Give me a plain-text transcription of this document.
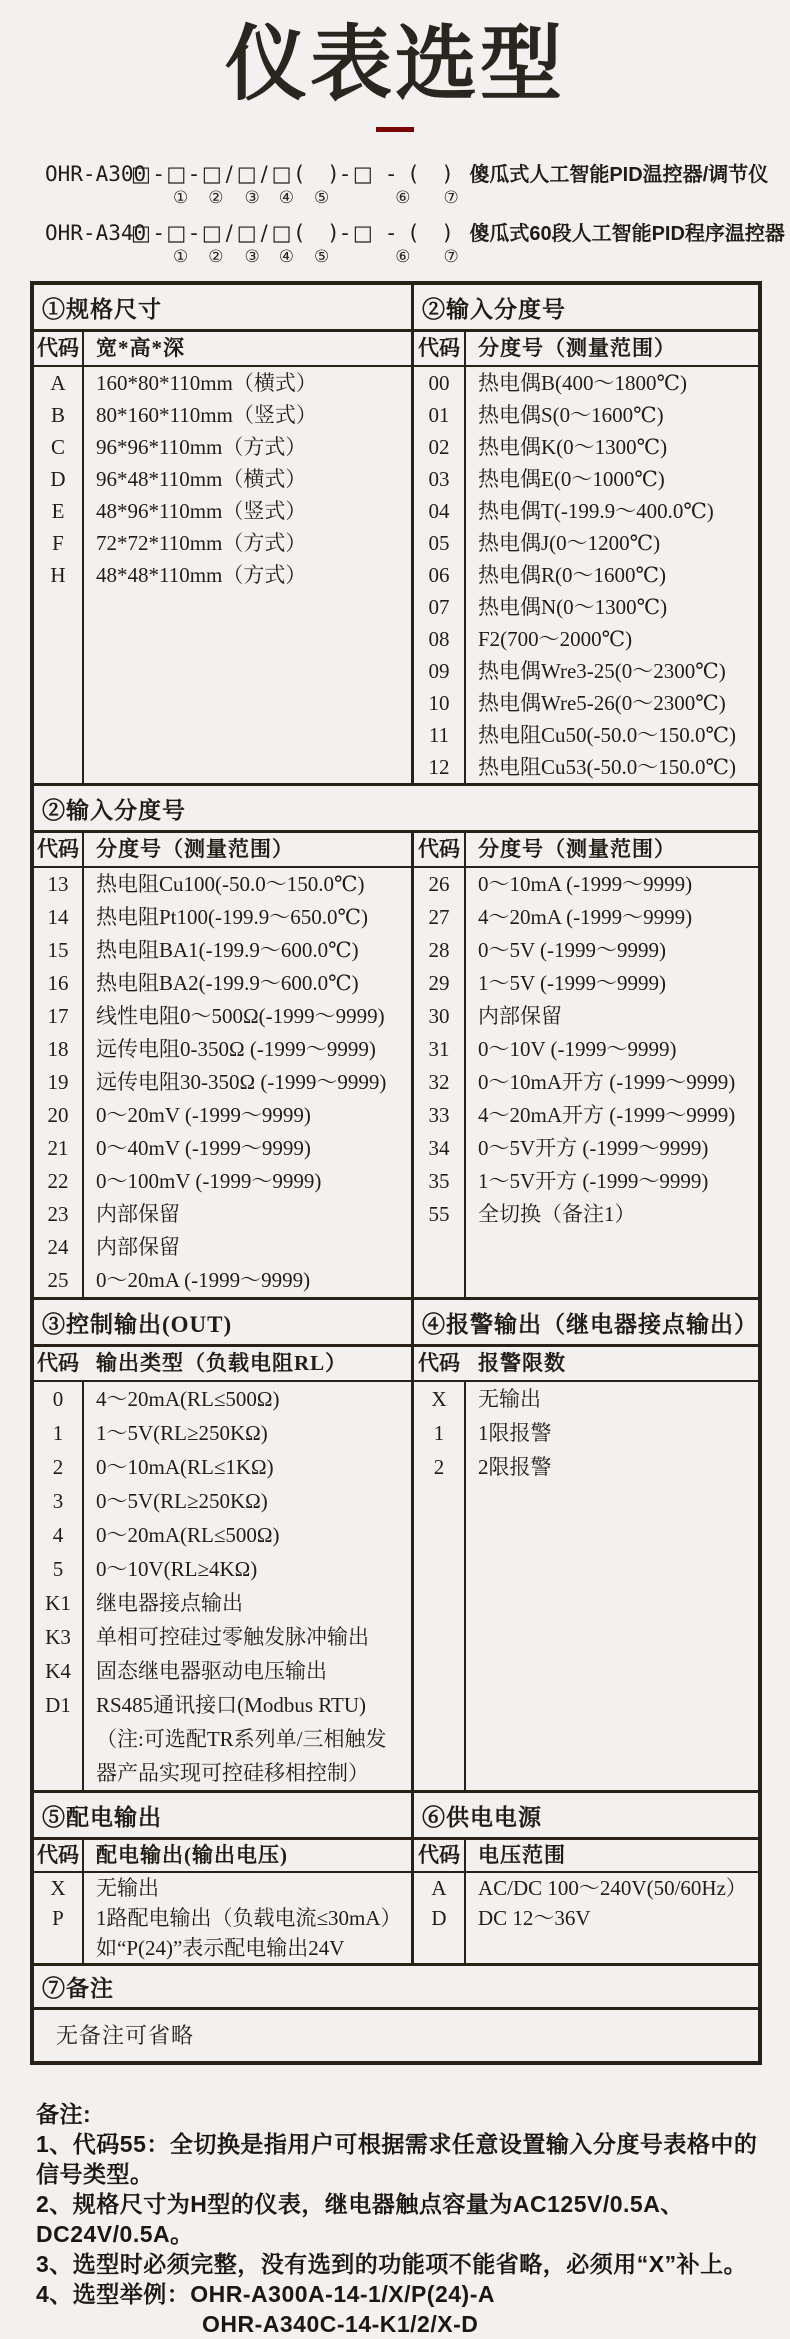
仪表选型
OHR-A300
□-□-□/□/□(  )-□ - (  ) 傻瓜式人工智能PID温控器/调节仪
① ② ③ ④ ⑤	⑥ ⑦
OHR-A340
□-□-□/□/□(  )-□ - (  ) 傻瓜式60段人工智能PID程序温控器
① ② ③ ④ ⑤	⑥ ⑦
①规格尺寸
代码 宽*高*深
A	160*80*110mm（横式）
B	80*160*110mm（竖式）
C	96*96*110mm（方式）
D	96*48*110mm（横式）
E	48*96*110mm（竖式）
F	72*72*110mm（方式）
H	48*48*110mm（方式）
②输入分度号
代码 分度号（测量范围）
00	热电偶B(400～1800℃)
01	热电偶S(0～1600℃)
02	热电偶K(0～1300℃)
03	热电偶E(0～1000℃)
04	热电偶T(-199.9～400.0℃)
05	热电偶J(0～1200℃)
06	热电偶R(0～1600℃)
07	热电偶N(0～1300℃)
08	F2(700～2000℃)
09	热电偶Wre3-25(0～2300℃)
10	热电偶Wre5-26(0～2300℃)
11	热电阻Cu50(-50.0～150.0℃)
12	热电阻Cu53(-50.0～150.0℃)
②输入分度号
代码 分度号（测量范围）
13	热电阻Cu100(-50.0～150.0℃)
14	热电阻Pt100(-199.9～650.0℃)
15	热电阻BA1(-199.9～600.0℃)
16	热电阻BA2(-199.9～600.0℃)
17	线性电阻0～500Ω(-1999～9999)
18	远传电阻0-350Ω (-1999～9999)
19	远传电阻30-350Ω (-1999～9999)
20	0～20mV (-1999～9999)
21	0～40mV (-1999～9999)
22	0～100mV (-1999～9999)
23	内部保留
24	内部保留
25	0～20mA (-1999～9999)
代码 分度号（测量范围）
26	0～10mA (-1999～9999)
27	4～20mA (-1999～9999)
28	0～5V (-1999～9999)
29	1～5V (-1999～9999)
30	内部保留
31	0～10V (-1999～9999)
32	0～10mA开方 (-1999～9999)
33	4～20mA开方 (-1999～9999)
34	0～5V开方 (-1999～9999)
35	1～5V开方 (-1999～9999)
55	全切换（备注1）
③控制输出(OUT)
代码 输出类型（负载电阻RL）
0	4～20mA(RL≤500Ω)
1	1～5V(RL≥250KΩ)
2	0～10mA(RL≤1KΩ)
3	0～5V(RL≥250KΩ)
4	0～20mA(RL≤500Ω)
5	0～10V(RL≥4KΩ)
K1	继电器接点输出
K3	单相可控硅过零触发脉冲输出
K4	固态继电器驱动电压输出
D1	RS485通讯接口(Modbus RTU)
（注:可选配TR系列单/三相触发
器产品实现可控硅移相控制）
④报警输出（继电器接点输出）
代码 报警限数
X	无输出
1	1限报警
2	2限报警
⑤配电输出
代码 配电输出(输出电压)
X	无输出
P	1路配电输出（负载电流≤30mA）
如“P(24)”表示配电输出24V
⑥供电电源
代码 电压范围
A	AC/DC 100～240V(50/60Hz）
D	DC 12～36V
⑦备注
无备注可省略
备注:
1、代码55：全切换是指用户可根据需求任意设置输入分度号表格中的信号类型。
2、规格尺寸为H型的仪表，继电器触点容量为AC125V/0.5A、DC24V/0.5A。
3、选型时必须完整，没有选到的功能项不能省略，必须用“X”补上。
4、选型举例：OHR-A300A-14-1/X/P(24)-A
OHR-A340C-14-K1/2/X-D
